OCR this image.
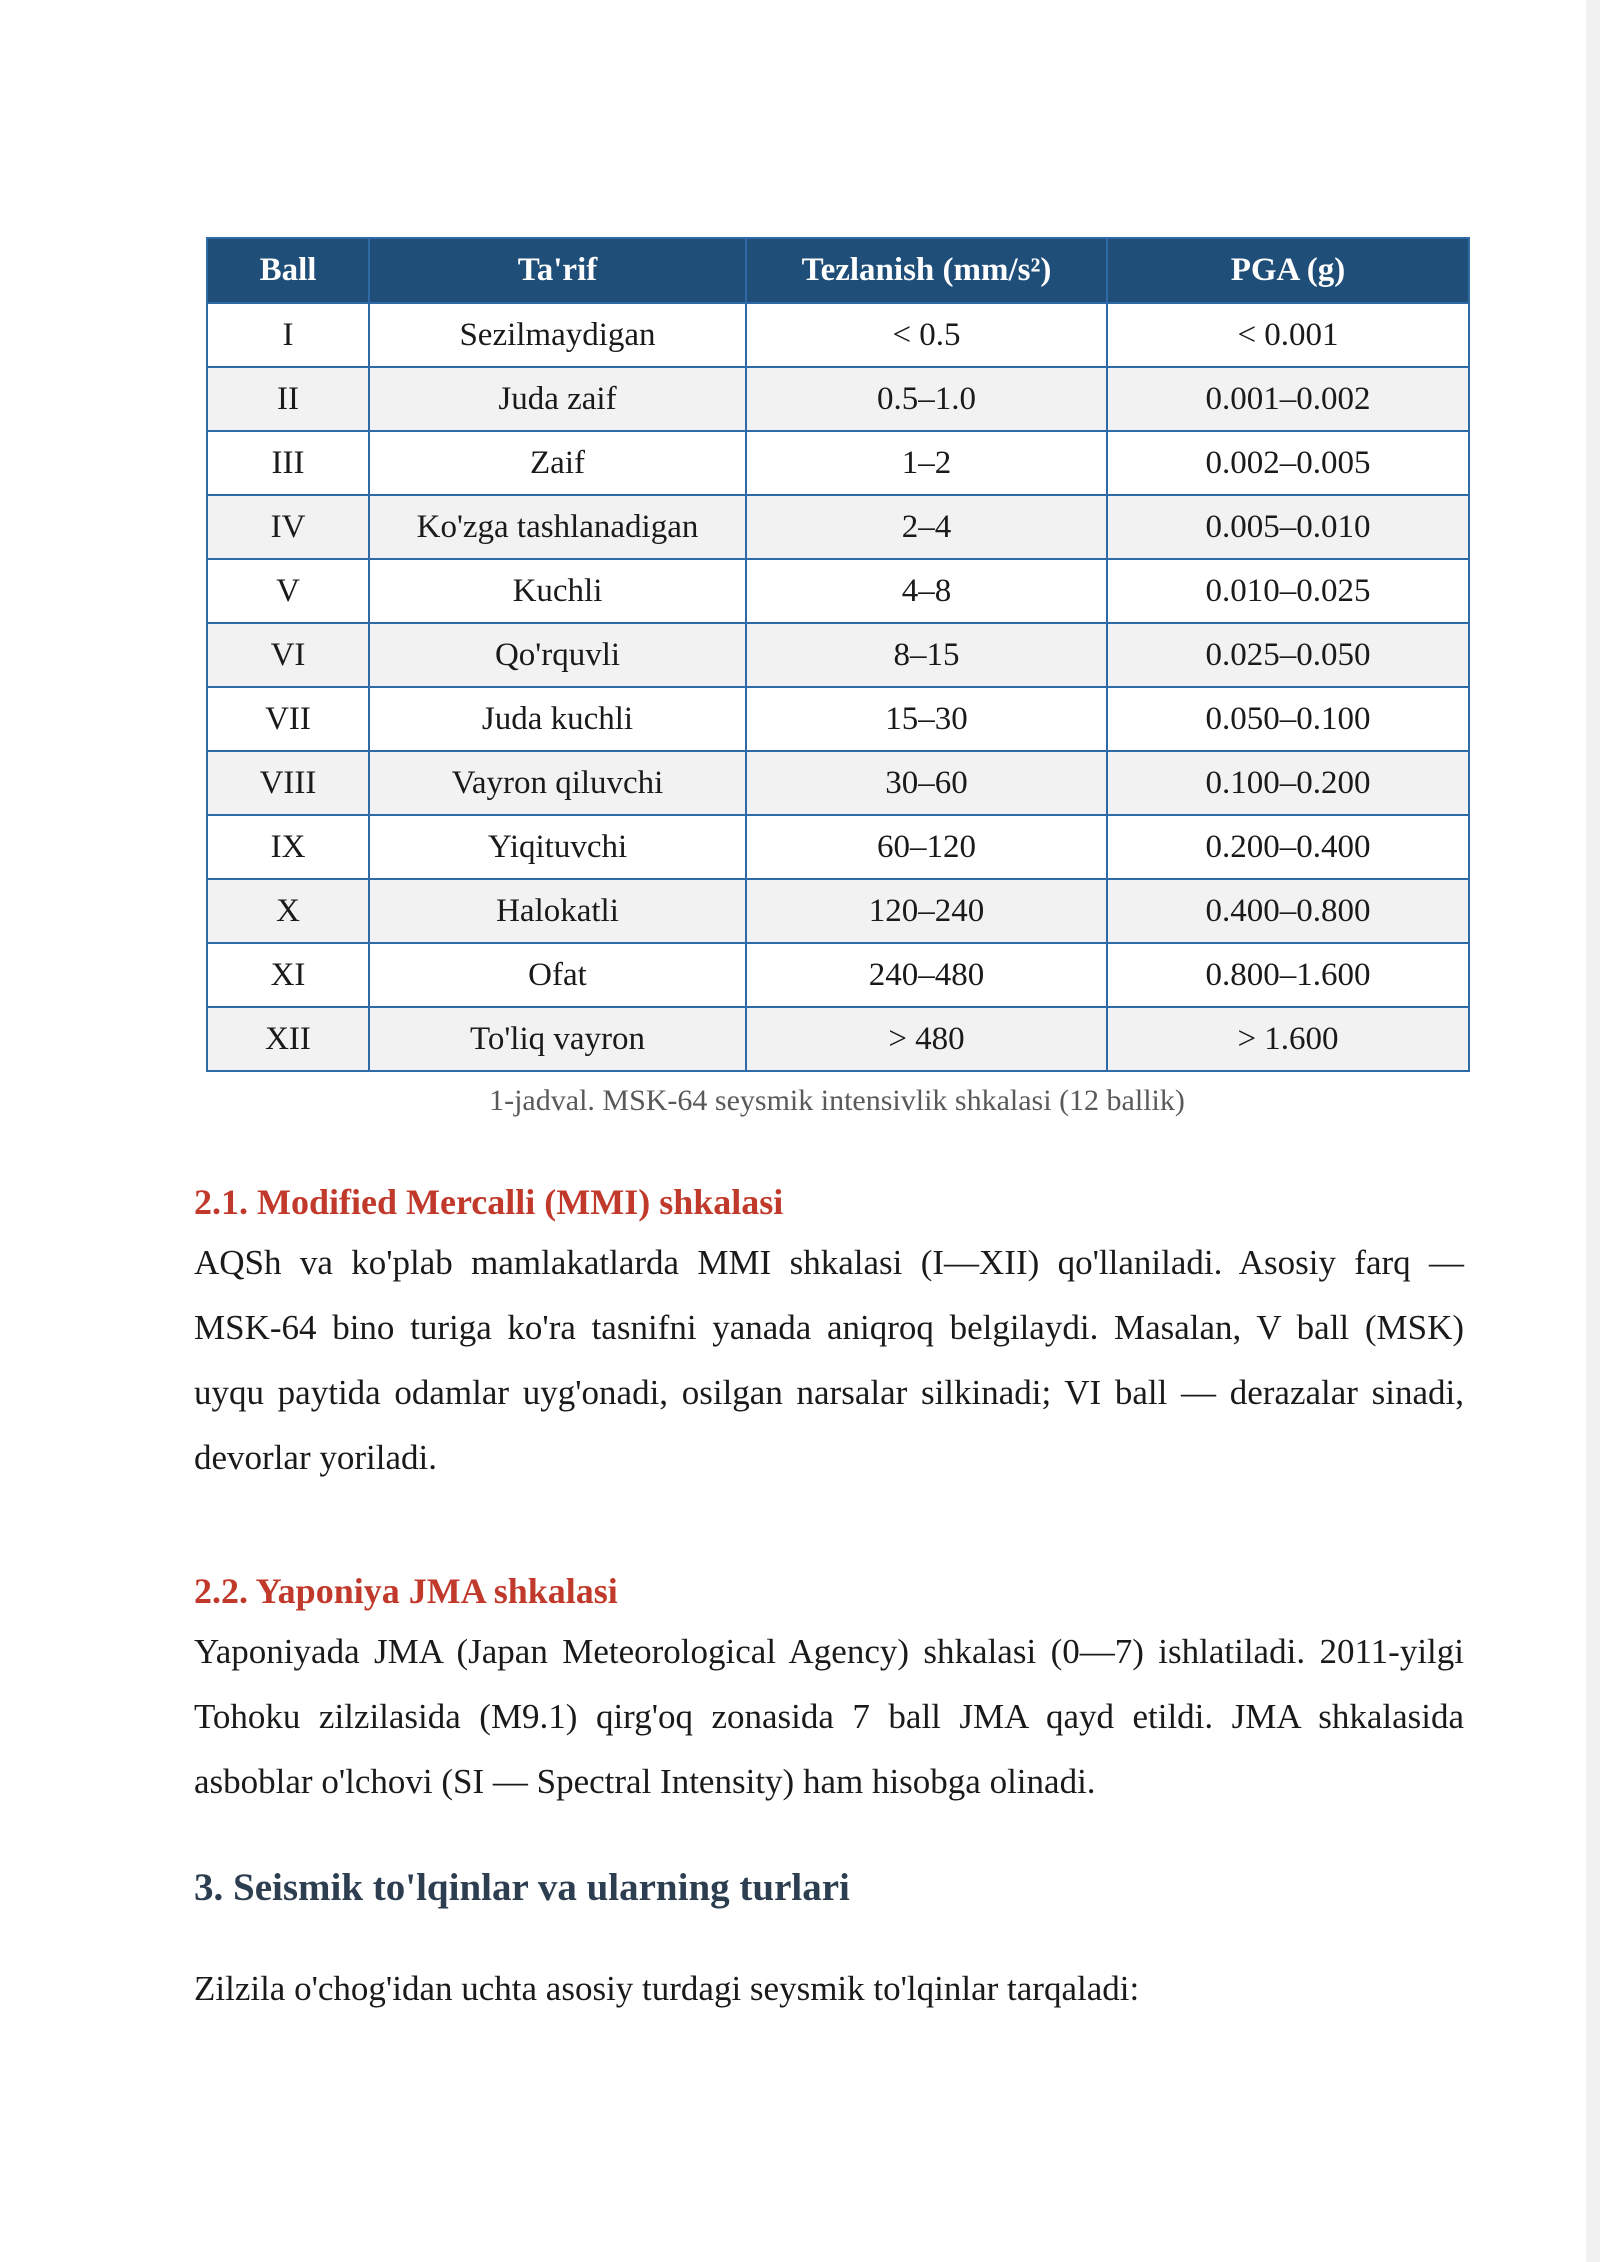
Ball	Ta'rif	Tezlanish (mm/s²)	PGA (g)
I	Sezilmaydigan	< 0.5	< 0.001
II	Juda zaif	0.5–1.0	0.001–0.002
III	Zaif	1–2	0.002–0.005
IV	Ko'zga tashlanadigan	2–4	0.005–0.010
V	Kuchli	4–8	0.010–0.025
VI	Qo'rquvli	8–15	0.025–0.050
VII	Juda kuchli	15–30	0.050–0.100
VIII	Vayron qiluvchi	30–60	0.100–0.200
IX	Yiqituvchi	60–120	0.200–0.400
X	Halokatli	120–240	0.400–0.800
XI	Ofat	240–480	0.800–1.600
XII	To'liq vayron	> 480	> 1.600
1-jadval. MSK-64 seysmik intensivlik shkalasi (12 ballik)
2.1. Modified Mercalli (MMI) shkalasi

AQSh va ko'plab mamlakatlarda MMI shkalasi (I—XII) qo'llaniladi. Asosiy farq — MSK-64 bino turiga ko'ra tasnifni yanada aniqroq belgilaydi. Masalan, V ball (MSK) uyqu paytida odamlar uyg'onadi, osilgan narsalar silkinadi; VI ball — derazalar sinadi, devorlar yoriladi.

2.2. Yaponiya JMA shkalasi

Yaponiyada JMA (Japan Meteorological Agency) shkalasi (0—7) ishlatiladi. 2011-yilgi Tohoku zilzilasida (M9.1) qirg'oq zonasida 7 ball JMA qayd etildi. JMA shkalasida asboblar o'lchovi (SI — Spectral Intensity) ham hisobga olinadi.

3. Seismik to'lqinlar va ularning turlari

Zilzila o'chog'idan uchta asosiy turdagi seysmik to'lqinlar tarqaladi:
